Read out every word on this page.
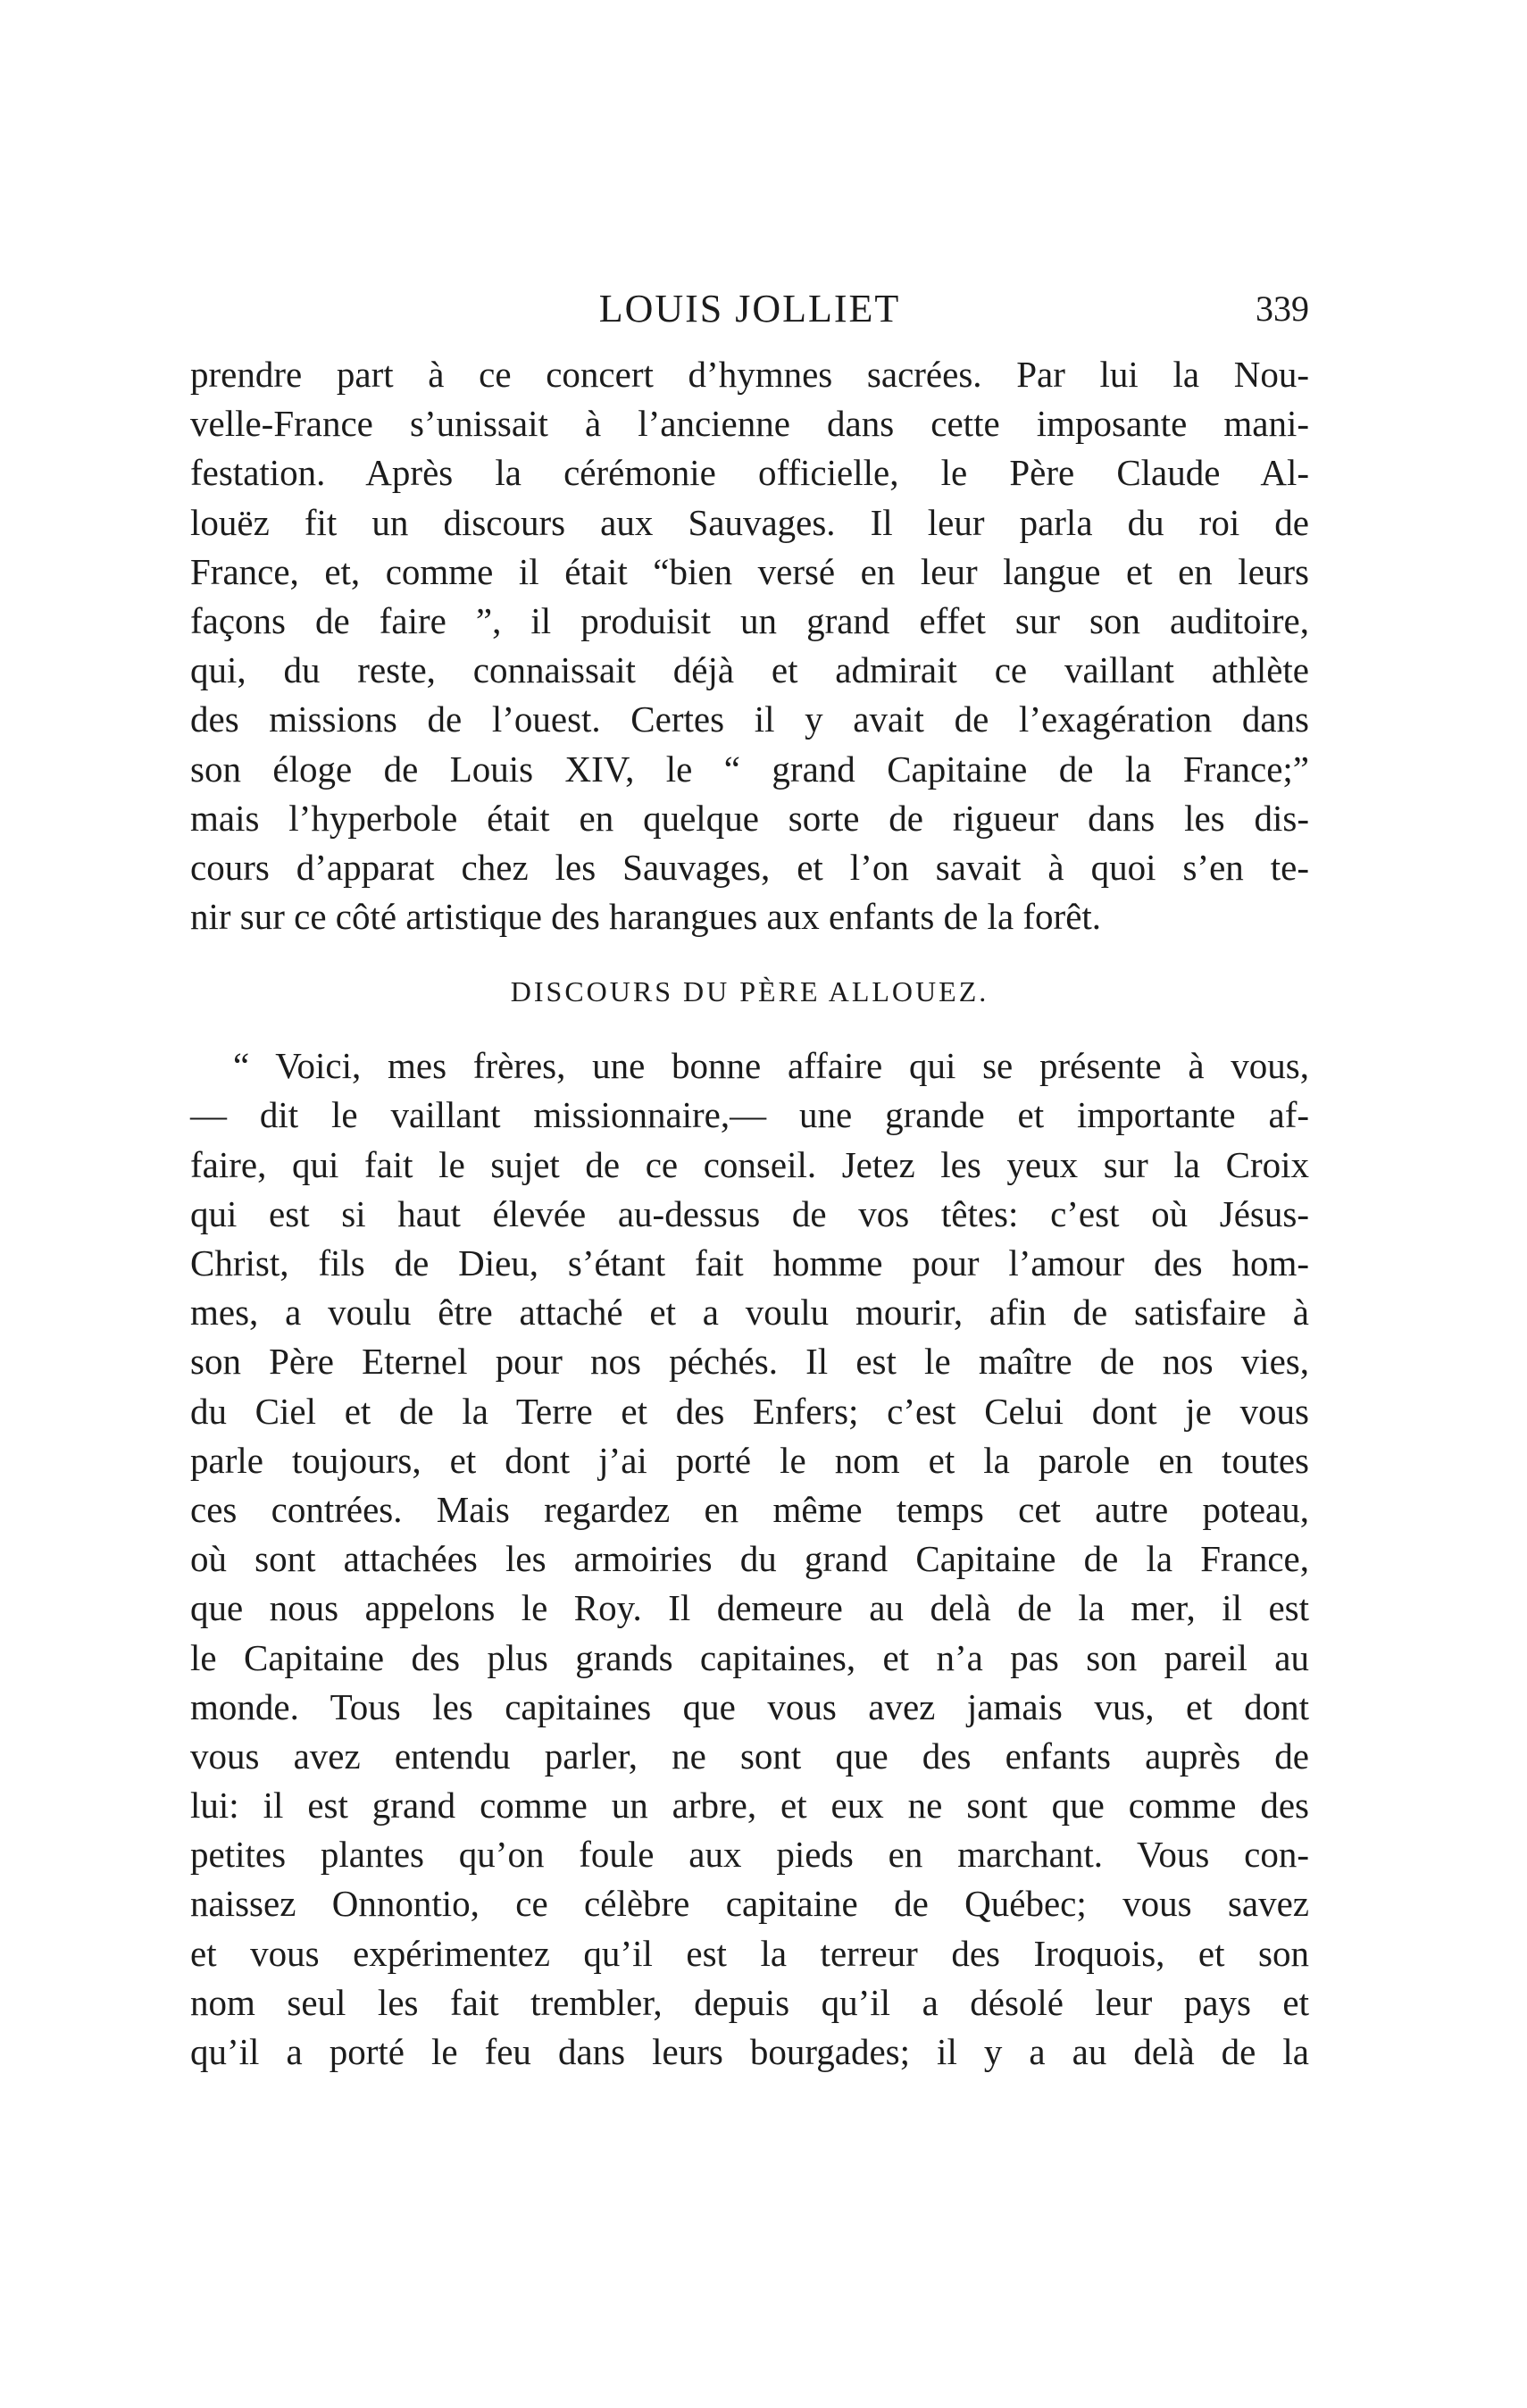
LOUIS JOLLIET	339
prendre part à ce concert d’hymnes sacrées. Par lui la Nou-
velle-France s’unissait à l’ancienne dans cette imposante mani-
festation. Après la cérémonie officielle, le Père Claude Al-
louëz fit un discours aux Sauvages. Il leur parla du roi de
France, et, comme il était “bien versé en leur langue et en leurs
façons de faire ”, il produisit un grand effet sur son auditoire,
qui, du reste, connaissait déjà et admirait ce vaillant athlète
des missions de l’ouest. Certes il y avait de l’exagération dans
son éloge de Louis XIV, le “ grand Capitaine de la France;”
mais l’hyperbole était en quelque sorte de rigueur dans les dis-
cours d’apparat chez les Sauvages, et l’on savait à quoi s’en te-
nir sur ce côté artistique des harangues aux enfants de la forêt.
DISCOURS DU PÈRE ALLOUEZ.
“ Voici, mes frères, une bonne affaire qui se présente à vous,
— dit le vaillant missionnaire,— une grande et importante af-
faire, qui fait le sujet de ce conseil. Jetez les yeux sur la Croix
qui est si haut élevée au-dessus de vos têtes: c’est où Jésus-
Christ, fils de Dieu, s’étant fait homme pour l’amour des hom-
mes, a voulu être attaché et a voulu mourir, afin de satisfaire à
son Père Eternel pour nos péchés. Il est le maître de nos vies,
du Ciel et de la Terre et des Enfers; c’est Celui dont je vous
parle toujours, et dont j’ai porté le nom et la parole en toutes
ces contrées. Mais regardez en même temps cet autre poteau,
où sont attachées les armoiries du grand Capitaine de la France,
que nous appelons le Roy. Il demeure au delà de la mer, il est
le Capitaine des plus grands capitaines, et n’a pas son pareil au
monde. Tous les capitaines que vous avez jamais vus, et dont
vous avez entendu parler, ne sont que des enfants auprès de
lui: il est grand comme un arbre, et eux ne sont que comme des
petites plantes qu’on foule aux pieds en marchant. Vous con-
naissez Onnontio, ce célèbre capitaine de Québec; vous savez
et vous expérimentez qu’il est la terreur des Iroquois, et son
nom seul les fait trembler, depuis qu’il a désolé leur pays et
qu’il a porté le feu dans leurs bourgades; il y a au delà de la
